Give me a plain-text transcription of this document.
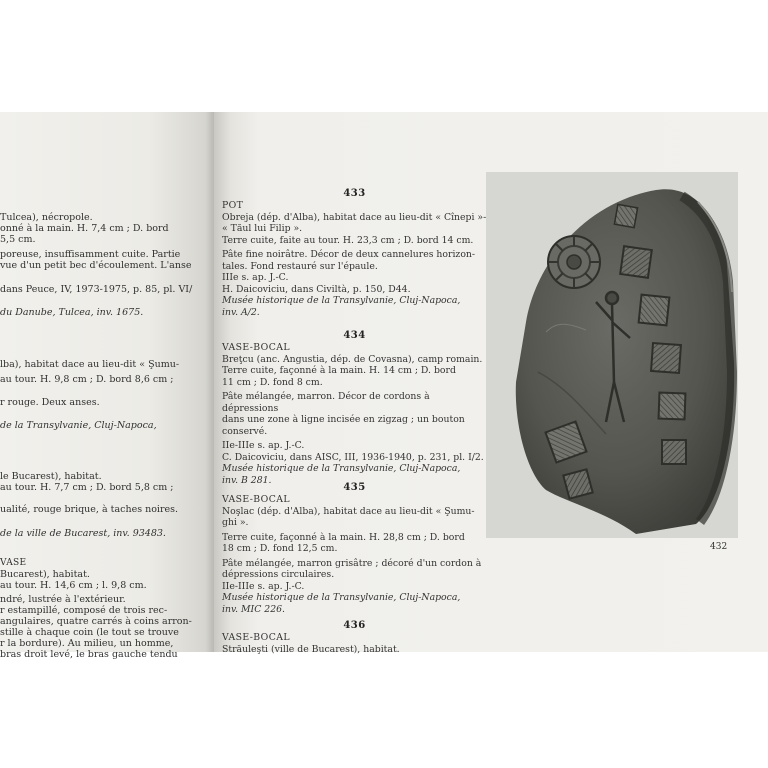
Tulcea), nécropole.
onné à la main. H. 7,4 cm ; D. bord
5,5 cm.
poreuse, insuffisamment cuite. Partie
vue d'un petit bec d'écoulement. L'anse
dans Peuce, IV, 1973-1975, p. 85, pl. VI/
du Danube, Tulcea, inv. 1675.
lba), habitat dace au lieu-dit « Şumu-
au tour. H. 9,8 cm ; D. bord 8,6 cm ;
r rouge. Deux anses.
de la Transylvanie, Cluj-Napoca,
le Bucarest), habitat.
au tour. H. 7,7 cm ; D. bord 5,8 cm ;
ualité, rouge brique, à taches noires.
de la ville de Bucarest, inv. 93483.
VASE
Bucarest), habitat.
au tour. H. 14,6 cm ; l. 9,8 cm.
ndré, lustrée à l'extérieur.
r estampillé, composé de trois rec-
angulaires, quatre carrés à coins arron-
stille à chaque coin (le tout se trouve
r la bordure). Au milieu, un homme,
bras droit levé, le bras gauche tendu
433

POT

Obreja (dép. d'Alba), habitat dace au lieu-dit « Cînepi »-

« Tăul lui Filip ».

Terre cuite, faite au tour. H. 23,3 cm ; D. bord 14 cm.

Pâte fine noirâtre. Décor de deux cannelures horizon-

tales. Fond restauré sur l'épaule.

IIIe s. ap. J.-C.

H. Daicoviciu, dans Civiltà, p. 150, D44.

Musée historique de la Transylvanie, Cluj-Napoca,

inv. A/2.

434

VASE-BOCAL

Breţcu (anc. Angustia, dép. de Covasna), camp romain.

Terre cuite, façonné à la main. H. 14 cm ; D. bord

11 cm ; D. fond 8 cm.

Pâte mélangée, marron. Décor de cordons à dépressions

dans une zone à ligne incisée en zigzag ; un bouton

conservé.

IIe-IIIe s. ap. J.-C.

C. Daicoviciu, dans AISC, III, 1936-1940, p. 231, pl. I/2.

Musée historique de la Transylvanie, Cluj-Napoca,

inv. B 281.

435

VASE-BOCAL

Noşlac (dép. d'Alba), habitat dace au lieu-dit « Şumu-

ghi ».

Terre cuite, façonné à la main. H. 28,8 cm ; D. bord

18 cm ; D. fond 12,5 cm.

Pâte mélangée, marron grisâtre ; décoré d'un cordon à

dépressions circulaires.

IIe-IIIe s. ap. J.-C.

Musée historique de la Transylvanie, Cluj-Napoca,

inv. MIC 226.

436

VASE-BOCAL

Străuleşti (ville de Bucarest), habitat.

432
